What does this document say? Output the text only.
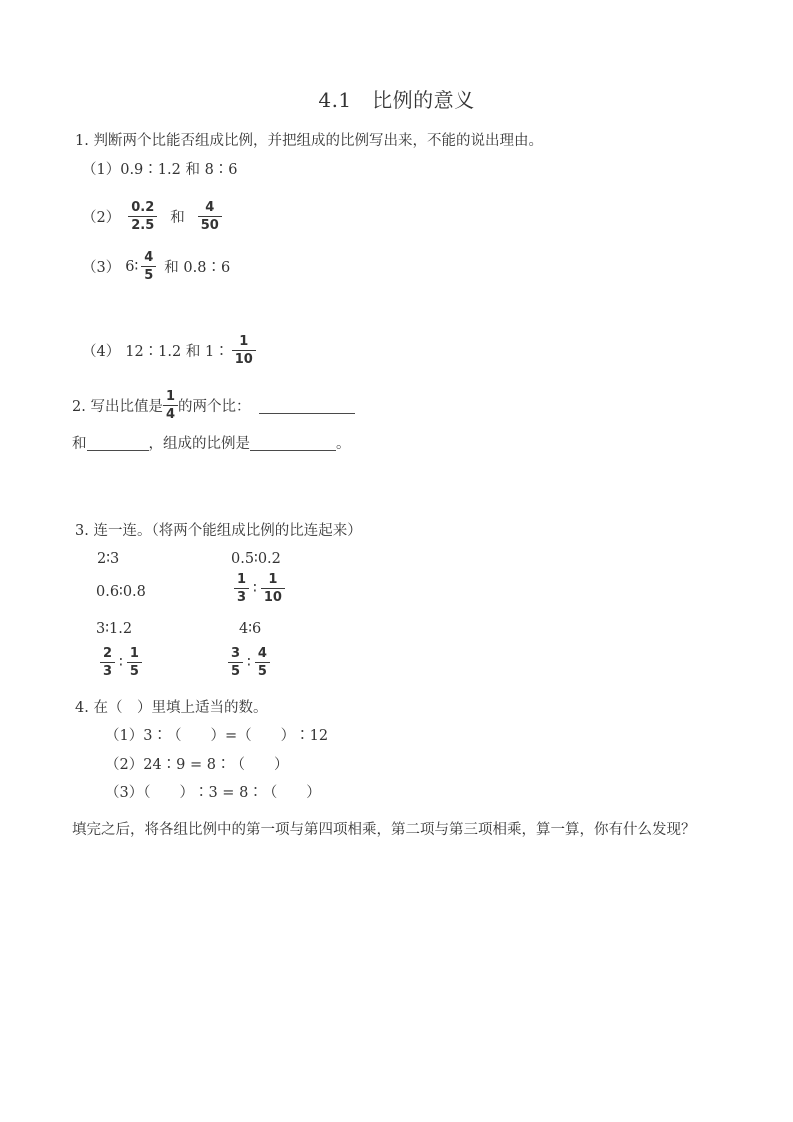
4.1　比例的意义
1. 判断两个比能否组成比例，并把组成的比例写出来，不能的说出理由。
（1）0.9∶1.2 和 8∶6
$(2) \frac{0.2}{2.5}$ 和 $\frac{4}{50}$
（3） 6∶ $\frac{4}{5}$ 和 0.8∶6
（4） 12∶1.2 和 1∶ $\frac{1}{10}$
2. 写出比值是 $\frac{1}{4}$ 的两个比：
和	，组成的比例是	。
3. 连一连。（将两个能组成比例的比连起来）
2∶3	0.5∶0.2
0.6∶0.8	$\frac{1}{3}$ ∶ $\frac{1}{10}$
3∶1.2	4∶6
$\frac{2}{3}$ ∶ $\frac{1}{5}$	$\frac{3}{5}$ ∶ $\frac{4}{5}$
4. 在（　）里填上适当的数。
（1）3∶（　　）=（　　）∶12
（2）24∶9 = 8∶（　　）
（3）（　　）∶3 = 8∶（　　）
填完之后，将各组比例中的第一项与第四项相乘，第二项与第三项相乘，算一算，你有什么发现？
